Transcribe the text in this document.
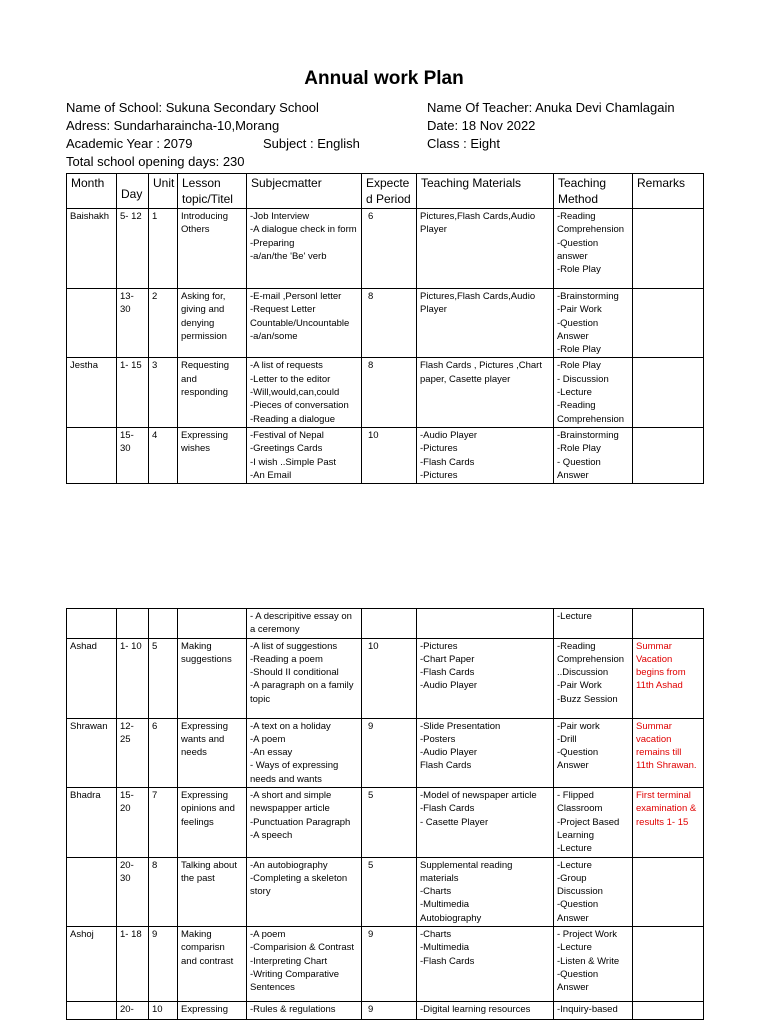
Annual work Plan
Name of School: Sukuna Secondary School	Name Of Teacher: Anuka Devi Chamlagain
Adress: Sundarharaincha-10,Morang	Date: 18 Nov 2022
Academic Year : 2079	Subject : English	Class : Eight
Total school opening days: 230
Month	Day	Unit	Lesson topic/Titel	Subjecmatter	Expecte d Period	Teaching Materials	Teaching Method	Remarks
Baishakh	5- 12	1	Introducing Others	-Job Interview
-A dialogue check in form
-Preparing
-a/an/the 'Be' verb	6	Pictures,Flash Cards,Audio Player	-Reading Comprehension
-Question answer
-Role Play	

	13- 30	2	Asking for, giving and denying permission	-E-mail ,Personl letter
-Request Letter
Countable/Uncountable
-a/an/some	8	Pictures,Flash Cards,Audio Player	-Brainstorming
-Pair Work
-Question Answer
-Role Play	

Jestha	1- 15	3	Requesting and responding	-A list of requests
-Letter to the editor
-Will,would,can,could
-Pieces of conversation
-Reading a dialogue	8	Flash Cards , Pictures ,Chart paper, Casette player	-Role Play
- Discussion
-Lecture
-Reading Comprehension	

	15- 30	4	Expressing wishes	-Festival of Nepal
-Greetings Cards
-I wish ..Simple Past
-An Email	10	-Audio Player
-Pictures
-Flash Cards
-Pictures	-Brainstorming
-Role Play
- Question Answer	

				- A descripitive essay on a ceremony			-Lecture	

Ashad	1- 10	5	Making suggestions	-A list of suggestions
-Reading a poem
-Should II conditional
-A paragraph on a family topic	10	-Pictures
-Chart Paper
-Flash Cards
-Audio Player	-Reading Comprehension
..Discussion
-Pair Work
-Buzz Session	Summar Vacation begins from 11th Ashad
Shrawan	12- 25	6	Expressing wants and needs	-A text on a holiday
-A poem
-An essay
- Ways of expressing needs and wants	9	-Slide Presentation
-Posters
-Audio Player
Flash Cards	-Pair work
-Drill
-Question Answer	Summar vacation remains till 11th Shrawan.
Bhadra	15- 20	7	Expressing opinions and feelings	-A short and simple newspapper article
-Punctuation Paragraph
-A speech	5	-Model of newspaper article
-Flash Cards
- Casette Player	- Flipped Classroom
-Project Based Learning
-Lecture	First terminal examination & results 1- 15
	20- 30	8	Talking about the past	-An autobiography
-Completing a skeleton story	5	Supplemental reading materials
-Charts
-Multimedia
Autobiography	-Lecture
-Group Discussion
-Question Answer	

Ashoj	1- 18	9	Making comparisn and contrast	-A poem
-Comparision & Contrast
-Interpreting Chart
-Writing Comparative Sentences	9	-Charts
-Multimedia
-Flash Cards	- Project Work
-Lecture
-Listen & Write
-Question Answer	

	20-	10	Expressing	-Rules & regulations	9	-Digital learning resources	-Inquiry-based	
